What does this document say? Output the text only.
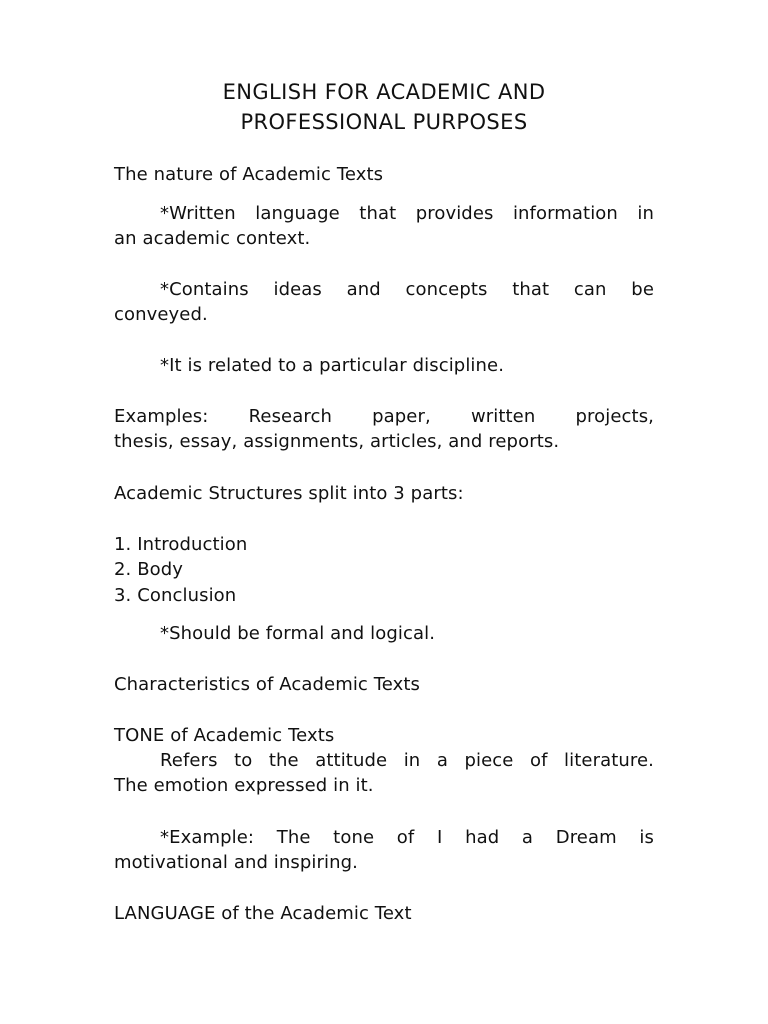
ENGLISH FOR ACADEMIC AND
PROFESSIONAL PURPOSES
The nature of Academic Texts
*Written language that provides information in
an academic context.
*Contains ideas and concepts that can be
conveyed.
*It is related to a particular discipline.
Examples: Research paper, written projects,
thesis, essay, assignments, articles, and reports.
Academic Structures split into 3 parts:
1. Introduction
2. Body
3. Conclusion
*Should be formal and logical.
Characteristics of Academic Texts
TONE of Academic Texts
Refers to the attitude in a piece of literature.
The emotion expressed in it.
*Example: The tone of I had a Dream is
motivational and inspiring.
LANGUAGE of the Academic Text
